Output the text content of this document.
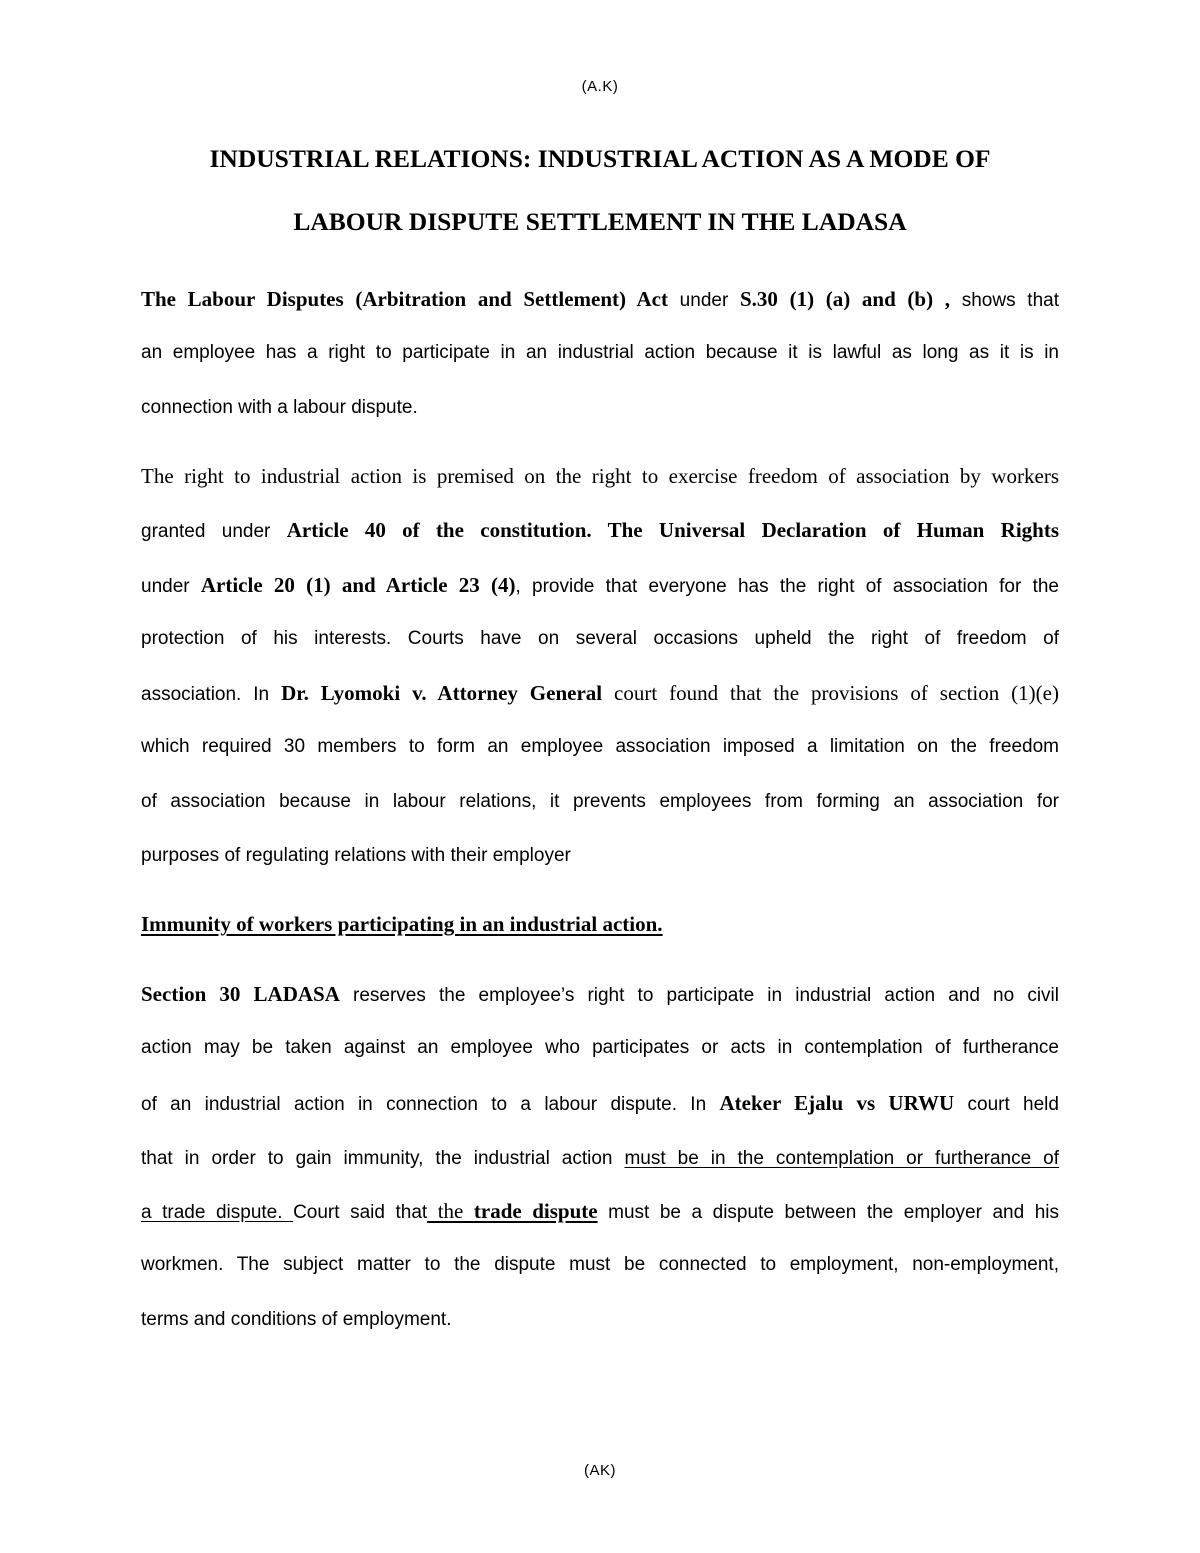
(A.K)
INDUSTRIAL RELATIONS: INDUSTRIAL ACTION AS A MODE OF
LABOUR DISPUTE SETTLEMENT IN THE LADASA
The Labour Disputes (Arbitration and Settlement) Act under S.30 (1) (a) and (b) , shows that
an employee has a right to participate in an industrial action because it is lawful as long as it is in
connection with a labour dispute.
The right to industrial action is premised on the right to exercise freedom of association by workers
granted under Article 40 of the constitution. The Universal Declaration of Human Rights
under Article 20 (1) and Article 23 (4), provide that everyone has the right of association for the
protection of his interests. Courts have on several occasions upheld the right of freedom of
association. In Dr. Lyomoki v. Attorney General court found that the provisions of section (1)(e)
which required 30 members to form an employee association imposed a limitation on the freedom
of association because in labour relations, it prevents employees from forming an association for
purposes of regulating relations with their employer
Immunity of workers participating in an industrial action.
Section 30 LADASA reserves the employee’s right to participate in industrial action and no civil
action may be taken against an employee who participates or acts in contemplation of furtherance
of an industrial action in connection to a labour dispute. In Ateker Ejalu vs URWU court held
that in order to gain immunity, the industrial action must be in the contemplation or furtherance of
a trade dispute. Court said that the trade dispute must be a dispute between the employer and his
workmen. The subject matter to the dispute must be connected to employment, non-employment,
terms and conditions of employment.
(AK)
